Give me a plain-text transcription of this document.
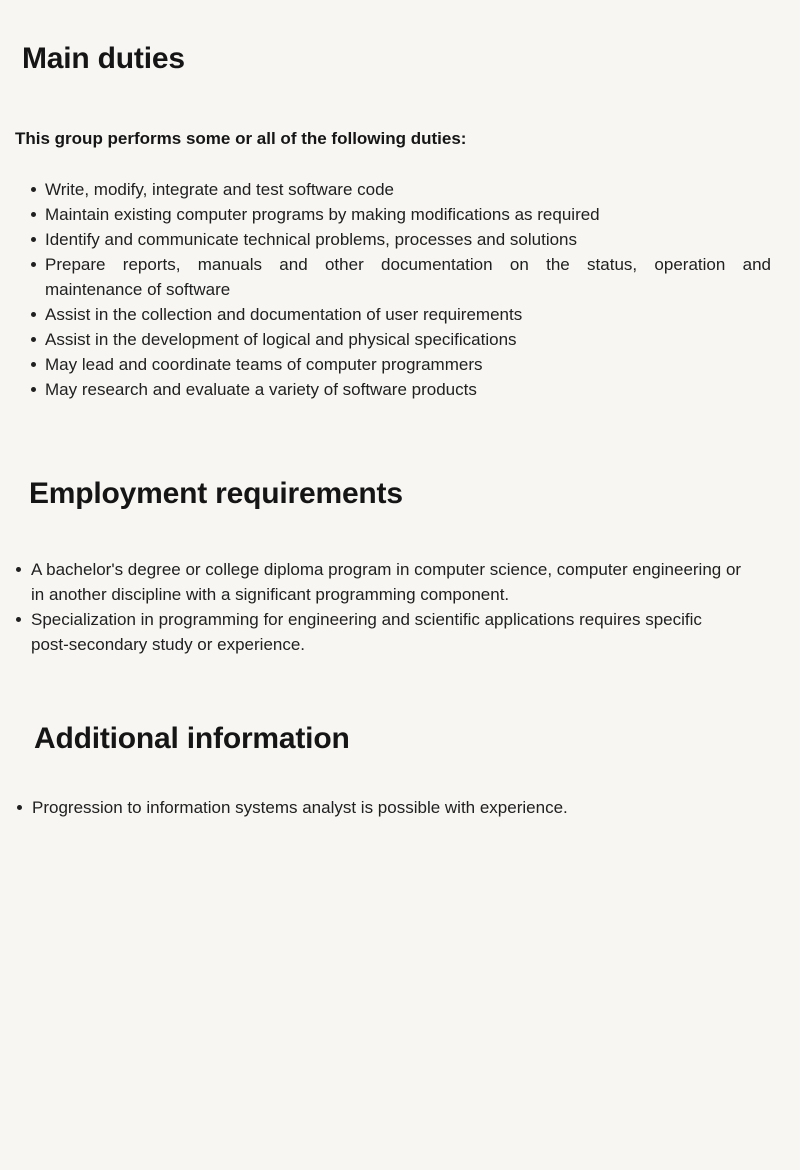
Main duties

This group performs some or all of the following duties:

Write, modify, integrate and test software code
Maintain existing computer programs by making modifications as required
Identify and communicate technical problems, processes and solutions
Prepare reports, manuals and other documentation on the status, operation and
maintenance of software
Assist in the collection and documentation of user requirements
Assist in the development of logical and physical specifications
May lead and coordinate teams of computer programmers
May research and evaluate a variety of software products
Employment requirements
A bachelor's degree or college diploma program in computer science, computer engineering or
in another discipline with a significant programming component.
Specialization in programming for engineering and scientific applications requires specific
post-secondary study or experience.
Additional information
Progression to information systems analyst is possible with experience.
